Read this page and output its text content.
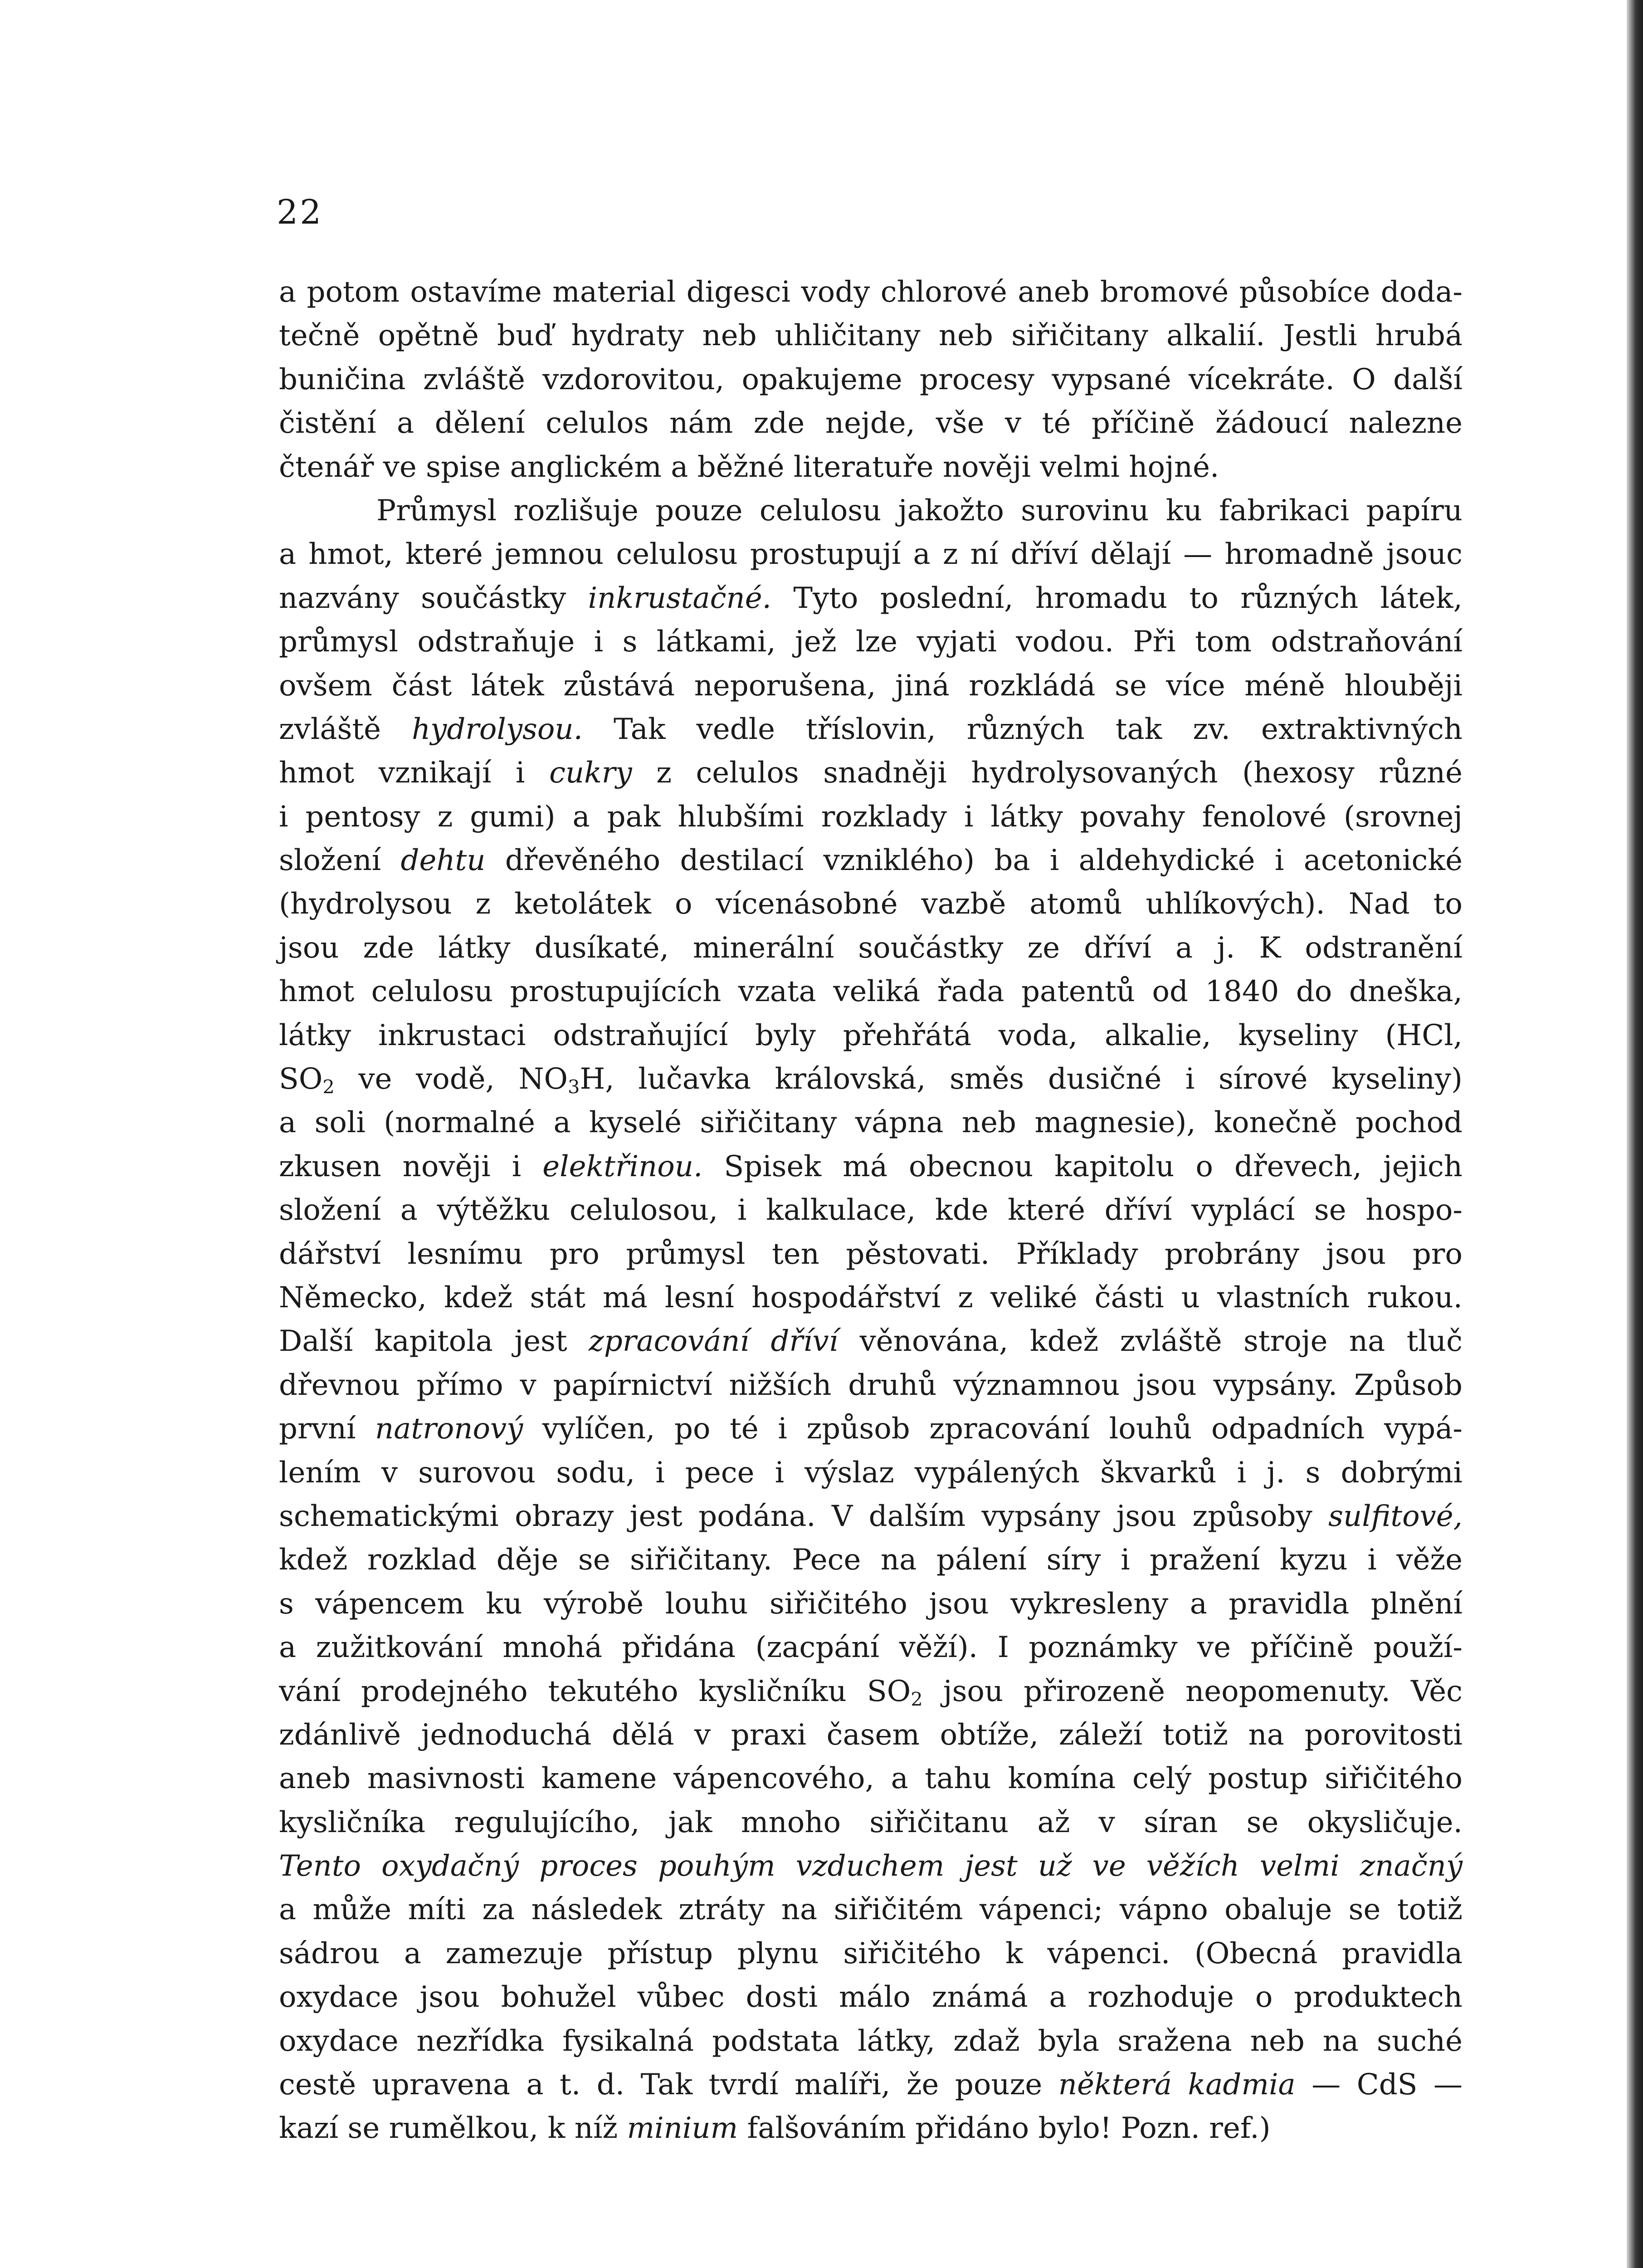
22
a potom ostavíme material digesci vody chlorové aneb bromové působíce doda-
tečně opětně buď hydraty neb uhličitany neb siřičitany alkalií. Jestli hrubá
buničina zvláště vzdorovitou, opakujeme procesy vypsané vícekráte. O další
čistění a dělení celulos nám zde nejde, vše v té příčině žádoucí nalezne
čtenář ve spise anglickém a běžné literatuře nověji velmi hojné.
Průmysl rozlišuje pouze celulosu jakožto surovinu ku fabrikaci papíru
a hmot, které jemnou celulosu prostupují a z ní dříví dělají — hromadně jsouc
nazvány součástky inkrustačné. Tyto poslední, hromadu to různých látek,
průmysl odstraňuje i s látkami, jež lze vyjati vodou. Při tom odstraňování
ovšem část látek zůstává neporušena, jiná rozkládá se více méně hlouběji
zvláště hydrolysou. Tak vedle tříslovin, různých tak zv. extraktivných
hmot vznikají i cukry z celulos snadněji hydrolysovaných (hexosy různé
i pentosy z gumi) a pak hlubšími rozklady i látky povahy fenolové (srovnej
složení dehtu dřevěného destilací vzniklého) ba i aldehydické i acetonické
(hydrolysou z ketolátek o vícenásobné vazbě atomů uhlíkových). Nad to
jsou zde látky dusíkaté, minerální součástky ze dříví a j. K odstranění
hmot celulosu prostupujících vzata veliká řada patentů od 1840 do dneška,
látky inkrustaci odstraňující byly přehřátá voda, alkalie, kyseliny (HCl,
$SO_2$ ve vodě, $NO_3H$, lučavka královská, směs dusičné i sírové kyseliny)
a soli (normalné a kyselé siřičitany vápna neb magnesie), konečně pochod
zkusen nověji i elektřinou. Spisek má obecnou kapitolu o dřevech, jejich
složení a výtěžku celulosou, i kalkulace, kde které dříví vyplácí se hospo-
dářství lesnímu pro průmysl ten pěstovati. Příklady probrány jsou pro
Německo, kdež stát má lesní hospodářství z veliké části u vlastních rukou.
Další kapitola jest zpracování dříví věnována, kdež zvláště stroje na tluč
dřevnou přímo v papírnictví nižších druhů významnou jsou vypsány. Způsob
první natronový vylíčen, po té i způsob zpracování louhů odpadních vypá-
lením v surovou sodu, i pece i výslaz vypálených škvarků i j. s dobrými
schematickými obrazy jest podána. V dalším vypsány jsou způsoby sulfitové,
kdež rozklad děje se siřičitany. Pece na pálení síry i pražení kyzu i věže
s vápencem ku výrobě louhu siřičitého jsou vykresleny a pravidla plnění
a zužitkování mnohá přidána (zacpání věží). I poznámky ve příčině použí-
vání prodejného tekutého kysličníku $SO_2$ jsou přirozeně neopomenuty. Věc
zdánlivě jednoduchá dělá v praxi časem obtíže, záleží totiž na porovitosti
aneb masivnosti kamene vápencového, a tahu komína celý postup siřičitého
kysličníka regulujícího, jak mnoho siřičitanu až v síran se okysličuje.
Tento oxydačný proces pouhým vzduchem jest už ve věžích velmi značný
a může míti za následek ztráty na siřičitém vápenci; vápno obaluje se totiž
sádrou a zamezuje přístup plynu siřičitého k vápenci. (Obecná pravidla
oxydace jsou bohužel vůbec dosti málo známá a rozhoduje o produktech
oxydace nezřídka fysikalná podstata látky, zdaž byla sražena neb na suché
cestě upravena a t. d. Tak tvrdí malíři, že pouze některá kadmia — CdS —
kazí se rumělkou, k níž minium falšováním přidáno bylo! Pozn. ref.)
